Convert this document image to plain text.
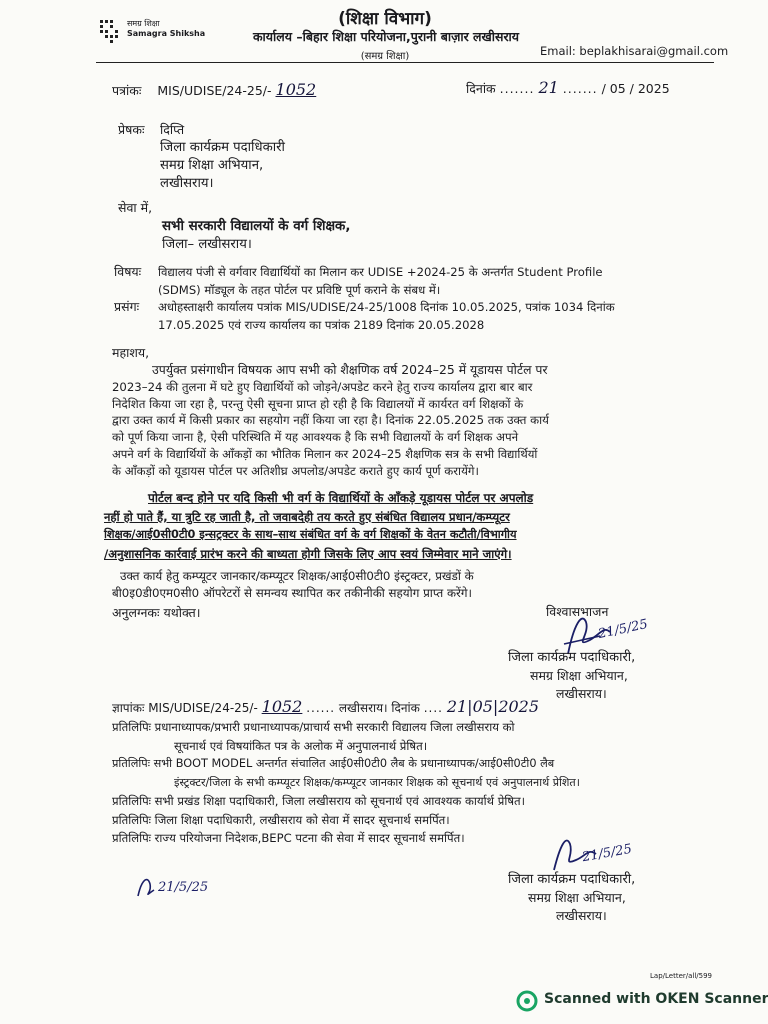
समग्र शिक्षा
Samagra Shiksha
(शिक्षा विभाग)
कार्यालय –बिहार शिक्षा परियोजना,पुरानी बाज़ार लखीसराय
(समग्र शिक्षा)	Email: beplakhisarai@gmail.com
पत्रांकः MIS/UDISE/24-25/- 1052	दिनांक ....... 21 ....... / 05 / 2025
प्रेषकः दिप्ति
जिला कार्यक्रम पदाधिकारी
समग्र शिक्षा अभियान,
लखीसराय।
सेवा में,
सभी सरकारी विद्यालयों के वर्ग शिक्षक,
जिला– लखीसराय।
विषयः विद्यालय पंजी से वर्गवार विद्यार्थियों का मिलान कर UDISE +2024-25 के अन्तर्गत Student Profile
(SDMS) मॉड्यूल के तहत पोर्टल पर प्रविष्टि पूर्ण कराने के संबध में।
प्रसंगः अधोहस्ताक्षरी कार्यालय पत्रांक MIS/UDISE/24-25/1008 दिनांक 10.05.2025, पत्रांक 1034 दिनांक
17.05.2025 एवं राज्य कार्यालय का पत्रांक 2189 दिनांक 20.05.2028
महाशय,
उपर्युक्त प्रसंगाधीन विषयक आप सभी को शैक्षणिक वर्ष 2024–25 में यूडायस पोर्टल पर
2023–24 की तुलना में घटे हुए विद्यार्थियों को जोड़ने/अपडेट करने हेतु राज्य कार्यालय द्वारा बार बार
निदेशित किया जा रहा है, परन्तु ऐसी सूचना प्राप्त हो रही है कि विद्यालयों में कार्यरत वर्ग शिक्षकों के
द्वारा उक्त कार्य में किसी प्रकार का सहयोग नहीं किया जा रहा है। दिनांक 22.05.2025 तक उक्त कार्य
को पूर्ण किया जाना है, ऐसी परिस्थिति में यह आवश्यक है कि सभी विद्यालयों के वर्ग शिक्षक अपने
अपने वर्ग के विद्यार्थियों के आँकड़ों का भौतिक मिलान कर 2024–25 शैक्षणिक सत्र के सभी विद्यार्थियों
के आँकड़ों को यूडायस पोर्टल पर अतिशीघ्र अपलोड/अपडेट कराते हुए कार्य पूर्ण करायेंगे।
पोर्टल बन्द होने पर यदि किसी भी वर्ग के विद्यार्थियों के आँकड़े यूडायस पोर्टल पर अपलोड
नहीं हो पाते हैं, या त्रुटि रह जाती है, तो जवाबदेही तय करते हुए संबंधित विद्यालय प्रधान/कम्प्यूटर
शिक्षक/आई0सी0टी0 इन्सट्रक्टर के साथ–साथ संबंधित वर्ग के वर्ग शिक्षकों के वेतन कटौती/विभागीय
/अनुशासनिक कार्रवाई प्रारंभ करने की बाध्यता होगी जिसके लिए आप स्वयं जिम्मेवार माने जाएंगे।
उक्त कार्य हेतु कम्प्यूटर जानकार/कम्प्यूटर शिक्षक/आई0सी0टी0 इंस्ट्रक्टर, प्रखंडों के
बी0इ0डी0एम0सी0 ऑपरेटरों से समन्वय स्थापित कर तकीनीकी सहयोग प्राप्त करेंगे।
अनुलग्नकः यथोक्त।	विश्वासभाजन
21/5/25
जिला कार्यक्रम पदाधिकारी,
समग्र शिक्षा अभियान,
लखीसराय।
ज्ञापांकः MIS/UDISE/24-25/- 1052 ...... लखीसराय। दिनांक .... 21|05|2025
प्रतिलिपिः प्रधानाध्यापक/प्रभारी प्रधानाध्यापक/प्राचार्य सभी सरकारी विद्यालय जिला लखीसराय को
सूचनार्थ एवं विषयांकित पत्र के अलोक में अनुपालनार्थ प्रेषित।
प्रतिलिपिः सभी BOOT MODEL अन्तर्गत संचालित आई0सी0टी0 लैब के प्रधानाध्यापक/आई0सी0टी0 लैब
इंस्ट्रक्टर/जिला के सभी कम्प्यूटर शिक्षक/कम्प्यूटर जानकार शिक्षक को सूचनार्थ एवं अनुपालनार्थ प्रेशित।
प्रतिलिपिः सभी प्रखंड शिक्षा पदाधिकारी, जिला लखीसराय को सूचनार्थ एवं आवश्यक कार्यार्थ प्रेषित।
प्रतिलिपिः जिला शिक्षा पदाधिकारी, लखीसराय को सेवा में सादर सूचनार्थ समर्पित।
प्रतिलिपिः राज्य परियोजना निदेशक,BEPC पटना की सेवा में सादर सूचनार्थ समर्पित।
21/5/25
21/5/25
जिला कार्यक्रम पदाधिकारी,
समग्र शिक्षा अभियान,
लखीसराय।
Lap/Letter/all/599
Scanned with OKEN Scanner
